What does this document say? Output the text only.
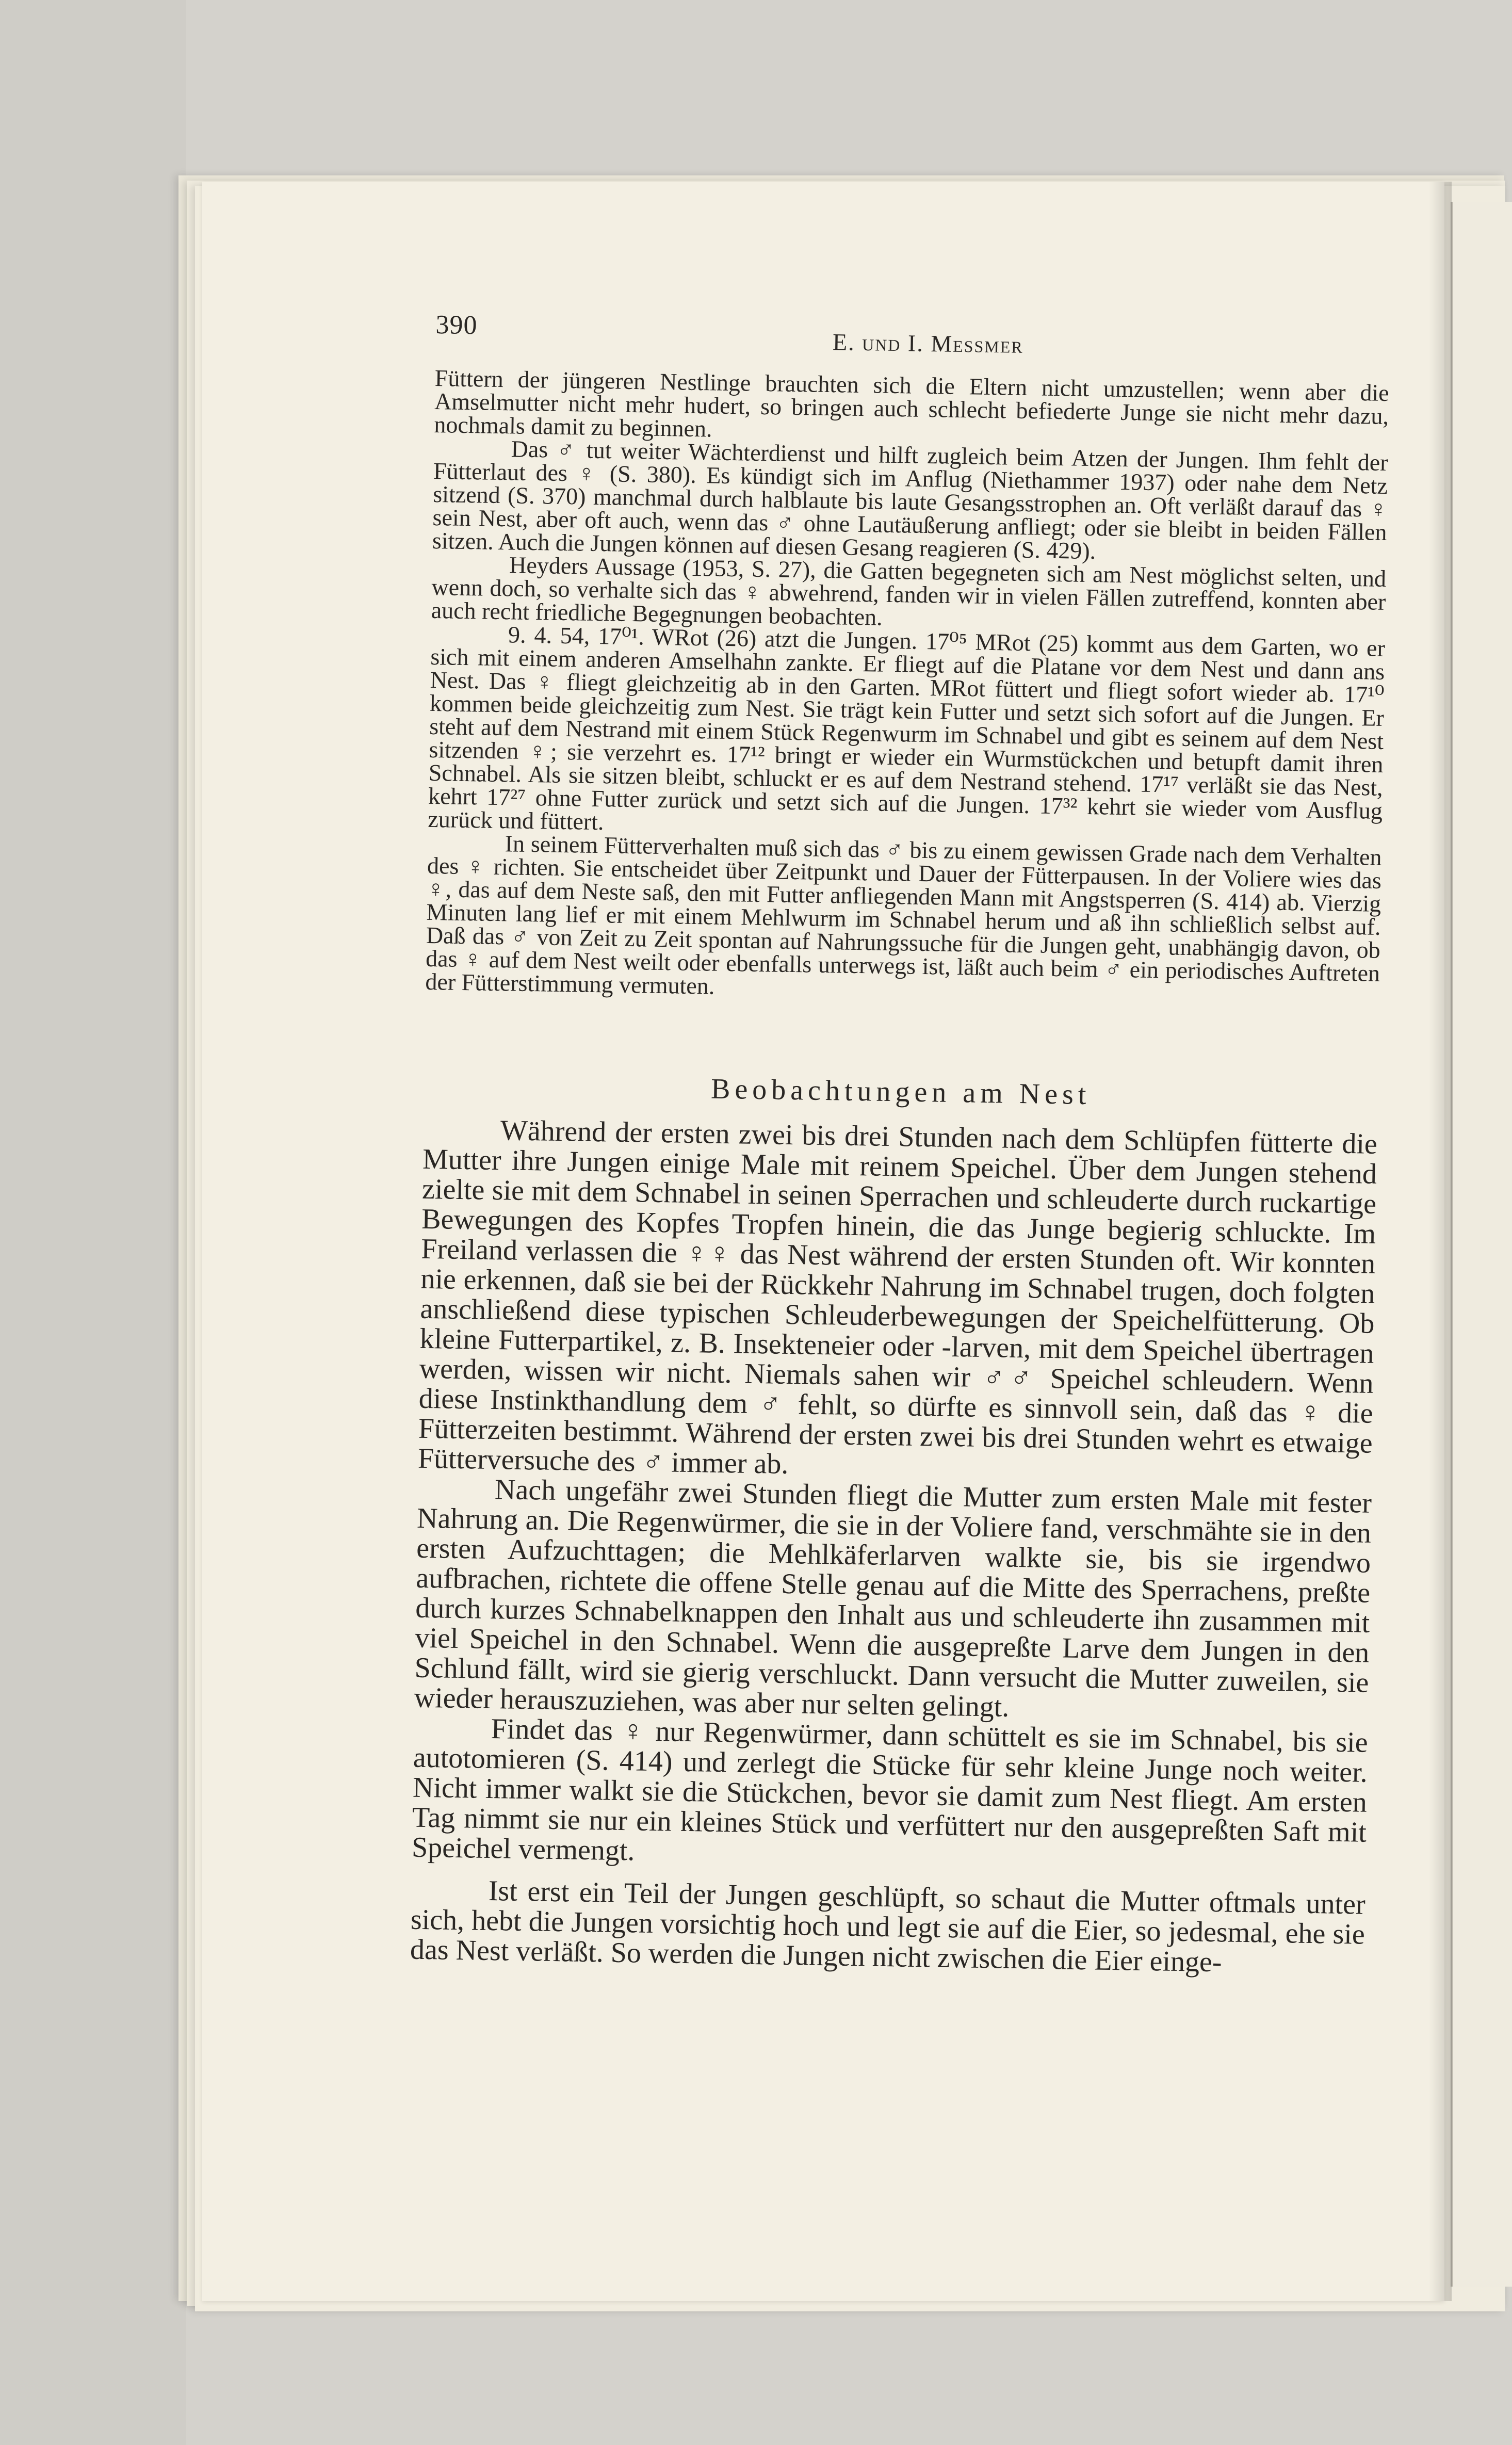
390
E. und I. Messmer

Füttern der jüngeren Nestlinge brauchten sich die Eltern nicht umzustellen; wenn aber die Amselmutter nicht mehr hudert, so bringen auch schlecht befiederte Junge sie nicht mehr dazu, nochmals damit zu beginnen.

Das ♂ tut weiter Wächterdienst und hilft zugleich beim Atzen der Jungen. Ihm fehlt der Fütterlaut des ♀ (S. 380). Es kündigt sich im Anflug (Niethammer 1937) oder nahe dem Netz sitzend (S. 370) manchmal durch halblaute bis laute Gesangsstrophen an. Oft verläßt darauf das ♀ sein Nest, aber oft auch, wenn das ♂ ohne Lautäußerung anfliegt; oder sie bleibt in beiden Fällen sitzen. Auch die Jungen können auf diesen Gesang reagieren (S. 429).

Heyders Aussage (1953, S. 27), die Gatten begegneten sich am Nest möglichst selten, und wenn doch, so verhalte sich das ♀ abwehrend, fanden wir in vielen Fällen zutreffend, konnten aber auch recht friedliche Begegnungen beobachten.

9. 4. 54, 17⁰¹. WRot (26) atzt die Jungen. 17⁰⁵ MRot (25) kommt aus dem Garten, wo er sich mit einem anderen Amselhahn zankte. Er fliegt auf die Platane vor dem Nest und dann ans Nest. Das ♀ fliegt gleichzeitig ab in den Garten. MRot füttert und fliegt sofort wieder ab. 17¹⁰ kommen beide gleichzeitig zum Nest. Sie trägt kein Futter und setzt sich sofort auf die Jungen. Er steht auf dem Nestrand mit einem Stück Regenwurm im Schnabel und gibt es seinem auf dem Nest sitzenden ♀; sie verzehrt es. 17¹² bringt er wieder ein Wurmstückchen und betupft damit ihren Schnabel. Als sie sitzen bleibt, schluckt er es auf dem Nestrand stehend. 17¹⁷ verläßt sie das Nest, kehrt 17²⁷ ohne Futter zurück und setzt sich auf die Jungen. 17³² kehrt sie wieder vom Ausflug zurück und füttert.

In seinem Fütterverhalten muß sich das ♂ bis zu einem gewissen Grade nach dem Verhalten des ♀ richten. Sie entscheidet über Zeitpunkt und Dauer der Fütterpausen. In der Voliere wies das ♀, das auf dem Neste saß, den mit Futter anfliegenden Mann mit Angstsperren (S. 414) ab. Vierzig Minuten lang lief er mit einem Mehlwurm im Schnabel herum und aß ihn schließlich selbst auf. Daß das ♂ von Zeit zu Zeit spontan auf Nahrungssuche für die Jungen geht, unabhängig davon, ob das ♀ auf dem Nest weilt oder ebenfalls unterwegs ist, läßt auch beim ♂ ein periodisches Auftreten der Fütterstimmung vermuten.

Beobachtungen am Nest

Während der ersten zwei bis drei Stunden nach dem Schlüpfen fütterte die Mutter ihre Jungen einige Male mit reinem Speichel. Über dem Jungen stehend zielte sie mit dem Schnabel in seinen Sperrachen und schleuderte durch ruckartige Bewegungen des Kopfes Tropfen hinein, die das Junge begierig schluckte. Im Freiland verlassen die ♀♀ das Nest während der ersten Stunden oft. Wir konnten nie erkennen, daß sie bei der Rückkehr Nahrung im Schnabel trugen, doch folgten anschließend diese typischen Schleuderbewegungen der Speichelfütterung. Ob kleine Futterpartikel, z. B. Insekteneier oder -larven, mit dem Speichel übertragen werden, wissen wir nicht. Niemals sahen wir ♂♂ Speichel schleudern. Wenn diese Instinkthandlung dem ♂ fehlt, so dürfte es sinnvoll sein, daß das ♀ die Fütterzeiten bestimmt. Während der ersten zwei bis drei Stunden wehrt es etwaige Fütterversuche des ♂ immer ab.

Nach ungefähr zwei Stunden fliegt die Mutter zum ersten Male mit fester Nahrung an. Die Regenwürmer, die sie in der Voliere fand, verschmähte sie in den ersten Aufzuchttagen; die Mehlkäferlarven walkte sie, bis sie irgendwo aufbrachen, richtete die offene Stelle genau auf die Mitte des Sperrachens, preßte durch kurzes Schnabelknappen den Inhalt aus und schleuderte ihn zusammen mit viel Speichel in den Schnabel. Wenn die ausgepreßte Larve dem Jungen in den Schlund fällt, wird sie gierig verschluckt. Dann versucht die Mutter zuweilen, sie wieder herauszuziehen, was aber nur selten gelingt.

Findet das ♀ nur Regenwürmer, dann schüttelt es sie im Schnabel, bis sie autotomieren (S. 414) und zerlegt die Stücke für sehr kleine Junge noch weiter. Nicht immer walkt sie die Stückchen, bevor sie damit zum Nest fliegt. Am ersten Tag nimmt sie nur ein kleines Stück und verfüttert nur den ausgepreßten Saft mit Speichel vermengt.

Ist erst ein Teil der Jungen geschlüpft, so schaut die Mutter oftmals unter sich, hebt die Jungen vorsichtig hoch und legt sie auf die Eier, so jedesmal, ehe sie das Nest verläßt. So werden die Jungen nicht zwischen die Eier einge-
